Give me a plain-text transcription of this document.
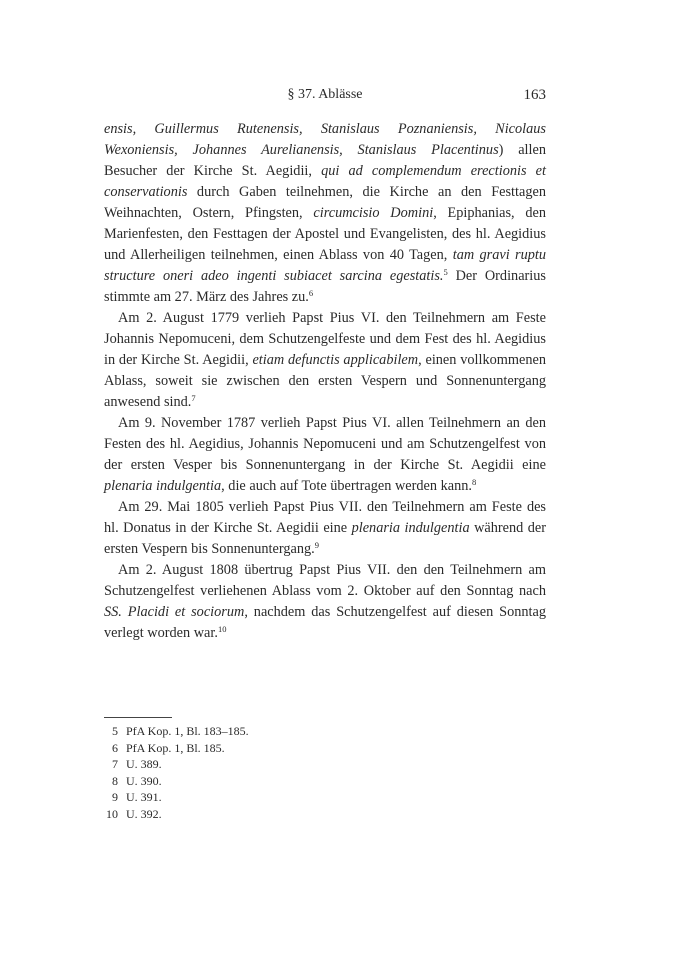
§ 37. Ablässe	163

ensis, Guillermus Rutenensis, Stanislaus Poznaniensis, Nicolaus Wexoniensis, Johannes Aurelianensis, Stanislaus Placentinus) allen Besucher der Kirche St. Aegidii, qui ad complemendum erectionis et conservationis durch Gaben teilnehmen, die Kirche an den Festtagen Weihnachten, Ostern, Pfingsten, circumcisio Domini, Epiphanias, den Marienfesten, den Festtagen der Apostel und Evangelisten, des hl. Aegidius und Allerheiligen teilnehmen, einen Ablass von 40 Tagen, tam gravi ruptu structure oneri adeo ingenti subiacet sarcina egestatis.$^5$ Der Ordinarius stimmte am 27. März des Jahres zu.$^6$

Am 2. August 1779 verlieh Papst Pius VI. den Teilnehmern am Feste Johannis Nepomuceni, dem Schutzengelfeste und dem Fest des hl. Aegidius in der Kirche St. Aegidii, etiam defunctis applicabilem, einen vollkommenen Ablass, soweit sie zwischen den ersten Vespern und Sonnenuntergang anwesend sind.$^7$

Am 9. November 1787 verlieh Papst Pius VI. allen Teilnehmern an den Festen des hl. Aegidius, Johannis Nepomuceni und am Schutzengelfest von der ersten Vesper bis Sonnenuntergang in der Kirche St. Aegidii eine plenaria indulgentia, die auch auf Tote übertragen werden kann.$^8$

Am 29. Mai 1805 verlieh Papst Pius VII. den Teilnehmern am Feste des hl. Donatus in der Kirche St. Aegidii eine plenaria indulgentia während der ersten Vespern bis Sonnenuntergang.$^9$

Am 2. August 1808 übertrug Papst Pius VII. den den Teilnehmern am Schutzengelfest verliehenen Ablass vom 2. Oktober auf den Sonntag nach SS. Placidi et sociorum, nachdem das Schutzengelfest auf diesen Sonntag verlegt worden war.$^{10}$

5 PfA Kop. 1, Bl. 183–185.
6 PfA Kop. 1, Bl. 185.
7 U. 389.
8 U. 390.
9 U. 391.
10 U. 392.
